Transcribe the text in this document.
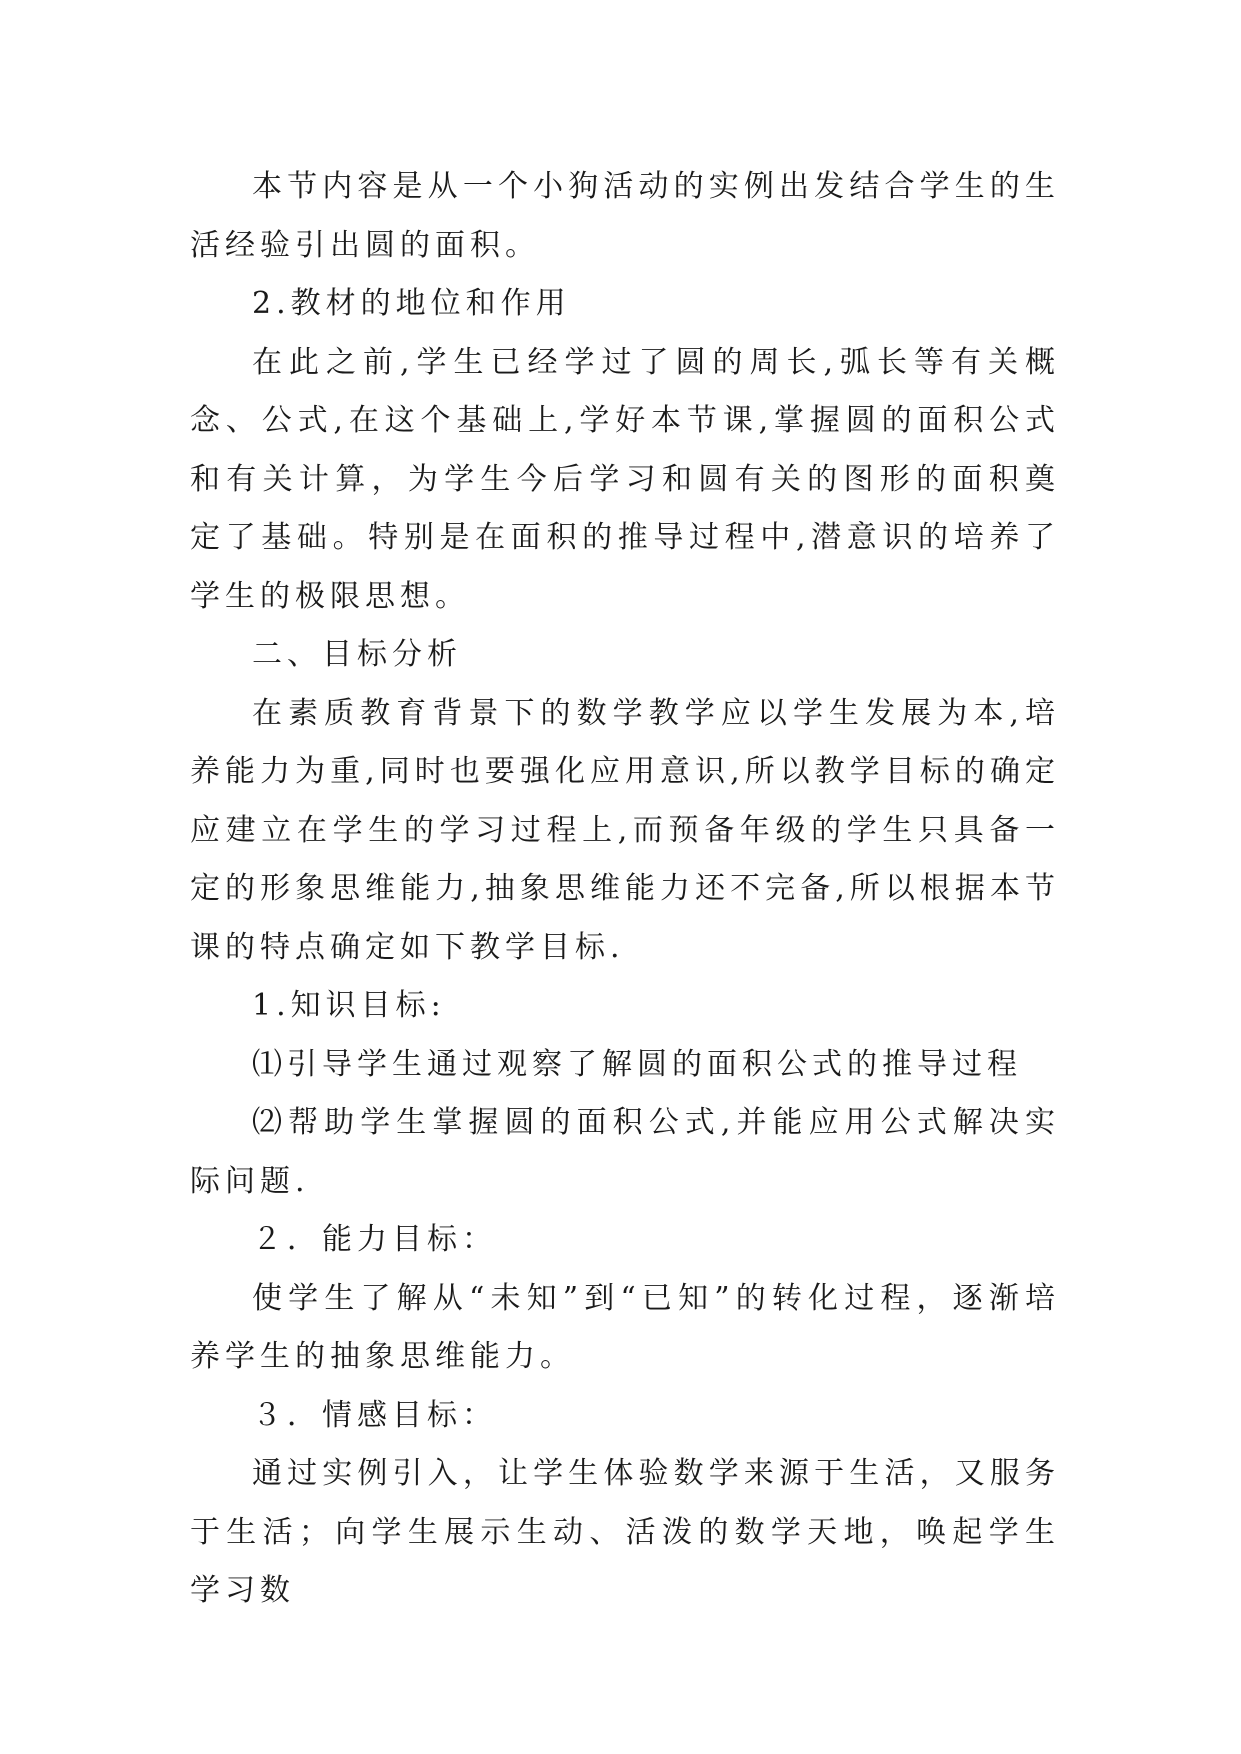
本节内容是从一个小狗活动的实例出发结合学生的生活经验引出圆的面积。

2.教材的地位和作用

在此之前,学生已经学过了圆的周长,弧长等有关概念、公式,在这个基础上,学好本节课,掌握圆的面积公式和有关计算，为学生今后学习和圆有关的图形的面积奠定了基础。特别是在面积的推导过程中,潜意识的培养了学生的极限思想。

二、目标分析

在素质教育背景下的数学教学应以学生发展为本,培养能力为重,同时也要强化应用意识,所以教学目标的确定应建立在学生的学习过程上,而预备年级的学生只具备一定的形象思维能力,抽象思维能力还不完备,所以根据本节课的特点确定如下教学目标.

1.知识目标:

⑴引导学生通过观察了解圆的面积公式的推导过程

⑵帮助学生掌握圆的面积公式,并能应用公式解决实际问题.

２．能力目标：

使学生了解从“未知”到“已知”的转化过程，逐渐培养学生的抽象思维能力。

３．情感目标：

通过实例引入，让学生体验数学来源于生活，又服务于生活；向学生展示生动、活泼的数学天地，唤起学生学习数
